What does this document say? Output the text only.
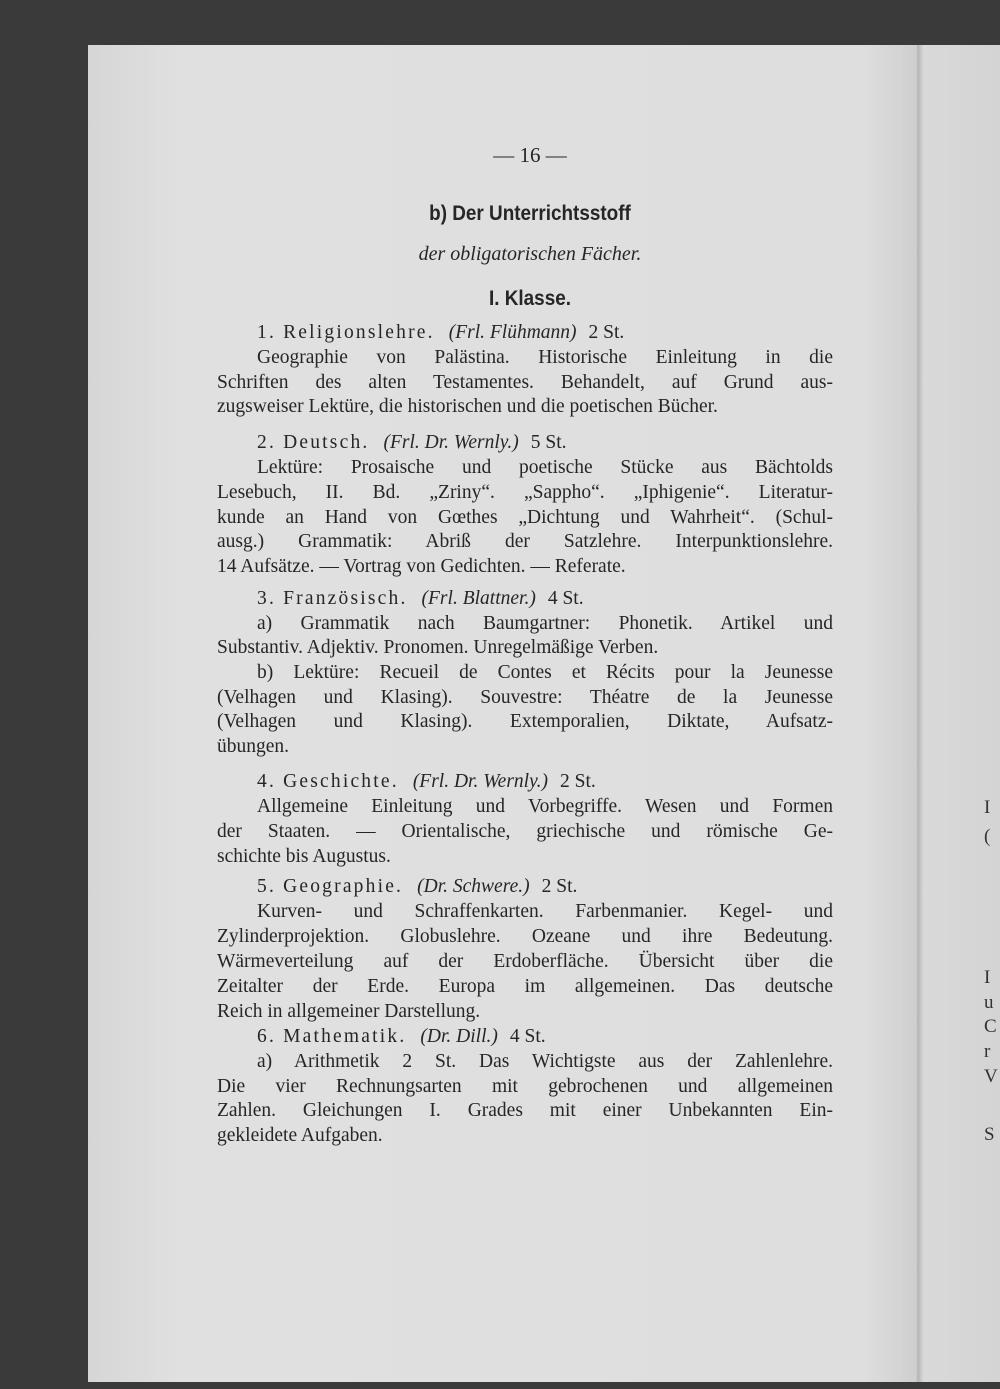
— 16 —
b) Der Unterrichtsstoff
der obligatorischen Fächer.
I. Klasse.
1. Religionslehre. (Frl. Flühmann) 2 St.
Geographie von Palästina. Historische Einleitung in die
Schriften des alten Testamentes. Behandelt, auf Grund aus-
zugsweiser Lektüre, die historischen und die poetischen Bücher.
2. Deutsch. (Frl. Dr. Wernly.) 5 St.
Lektüre: Prosaische und poetische Stücke aus Bächtolds
Lesebuch, II. Bd. „Zriny“. „Sappho“. „Iphigenie“. Literatur-
kunde an Hand von Gœthes „Dichtung und Wahrheit“. (Schul-
ausg.) Grammatik: Abriß der Satzlehre. Interpunktionslehre.
14 Aufsätze. — Vortrag von Gedichten. — Referate.
3. Französisch. (Frl. Blattner.) 4 St.
a) Grammatik nach Baumgartner: Phonetik. Artikel und
Substantiv. Adjektiv. Pronomen. Unregelmäßige Verben.
b) Lektüre: Recueil de Contes et Récits pour la Jeunesse
(Velhagen und Klasing). Souvestre: Théatre de la Jeunesse
(Velhagen und Klasing). Extemporalien, Diktate, Aufsatz-
übungen.
4. Geschichte. (Frl. Dr. Wernly.) 2 St.
Allgemeine Einleitung und Vorbegriffe. Wesen und Formen
der Staaten. — Orientalische, griechische und römische Ge-
schichte bis Augustus.
5. Geographie. (Dr. Schwere.) 2 St.
Kurven- und Schraffenkarten. Farbenmanier. Kegel- und
Zylinderprojektion. Globuslehre. Ozeane und ihre Bedeutung.
Wärmeverteilung auf der Erdoberfläche. Übersicht über die
Zeitalter der Erde. Europa im allgemeinen. Das deutsche
Reich in allgemeiner Darstellung.
6. Mathematik. (Dr. Dill.) 4 St.
a) Arithmetik 2 St. Das Wichtigste aus der Zahlenlehre.
Die vier Rechnungsarten mit gebrochenen und allgemeinen
Zahlen. Gleichungen I. Grades mit einer Unbekannten Ein-
gekleidete Aufgaben.
I
(
I
u
C
r
V
S
